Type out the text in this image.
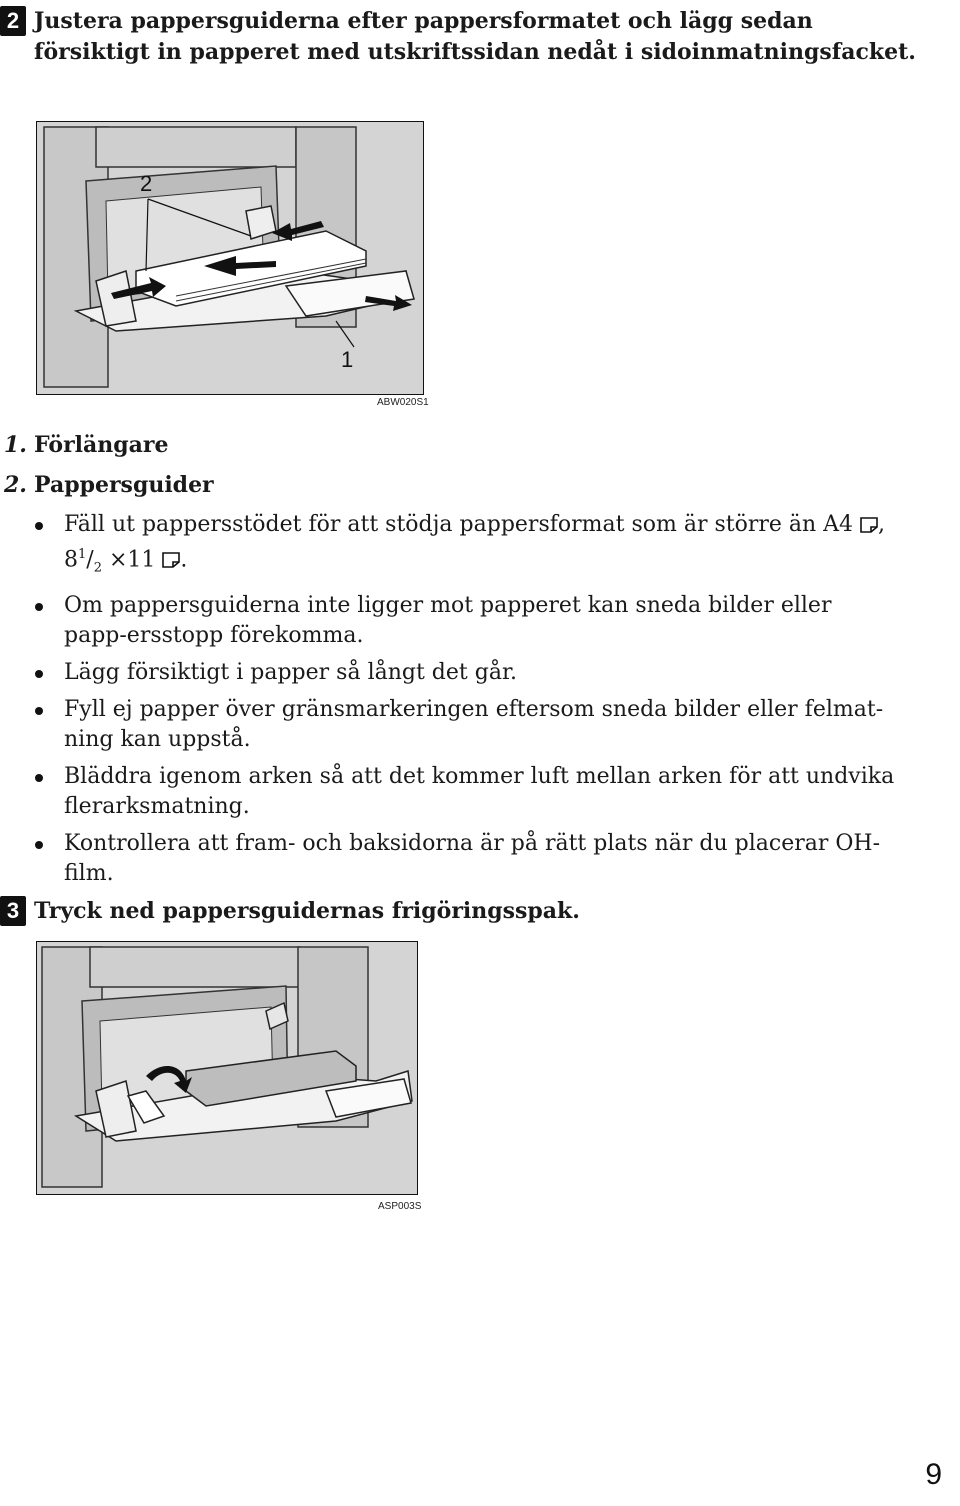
2 Justera pappersguiderna efter pappersformatet och lägg sedan försiktigt in papperet med utskriftssidan nedåt i sidoinmatningsfacket.
2
1
ABW020S1
1. Förlängare
2. Pappersguider
Fäll ut pappersstödet för att stödja pappersformat som är större än A4 ,
$8^1/_2 \times 11$ .
Om pappersguiderna inte ligger mot papperet kan sneda bilder eller papp-ersstopp förekomma.
Lägg försiktigt i papper så långt det går.
Fyll ej papper över gränsmarkeringen eftersom sneda bilder eller felmat-ning kan uppstå.
Bläddra igenom arken så att det kommer luft mellan arken för att undvika flerarksmatning.
Kontrollera att fram- och baksidorna är på rätt plats när du placerar OH-film.
3 Tryck ned pappersguidernas frigöringsspak.
ASP003S
9
